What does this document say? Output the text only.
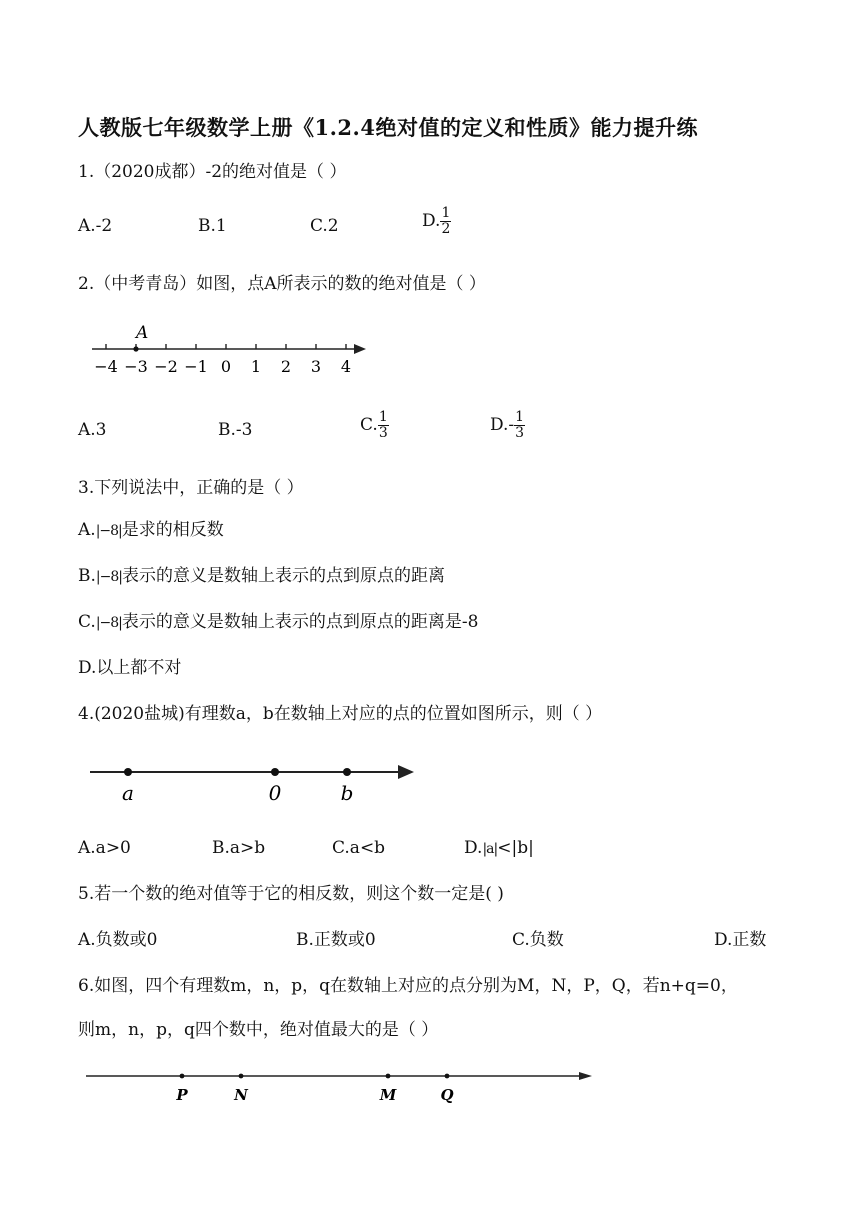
人教版七年级数学上册《1.2.4绝对值的定义和性质》能力提升练
1.（2020成都）-2的绝对值是（ ）
A.-2	B.1	C.2	D. $\frac{1}{2}$
2.（中考青岛）如图，点A所表示的数的绝对值是（ ）
−4 −3 −2 −1 0 1 2 3 4
A
A.3	B.-3	C. $\frac{1}{3}$	$D.- \frac{1}{3}$
3.下列说法中，正确的是（ ）
A.|−8|是求的相反数
B.|−8|表示的意义是数轴上表示的点到原点的距离
C.|−8|表示的意义是数轴上表示的点到原点的距离是-8
D.以上都不对
4.(2020盐城)有理数a，b在数轴上对应的点的位置如图所示，则（ ）
a	0	b
A.a>0	B.a>b	C.a<b	D.|a|<|b|
5.若一个数的绝对值等于它的相反数，则这个数一定是( )
A.负数或0	B.正数或0	C.负数	D.正数
6.如图，四个有理数m，n，p，q在数轴上对应的点分别为M，N，P，Q，若n+q=0，
则m，n，p，q四个数中，绝对值最大的是（ ）
P	N	M	Q
